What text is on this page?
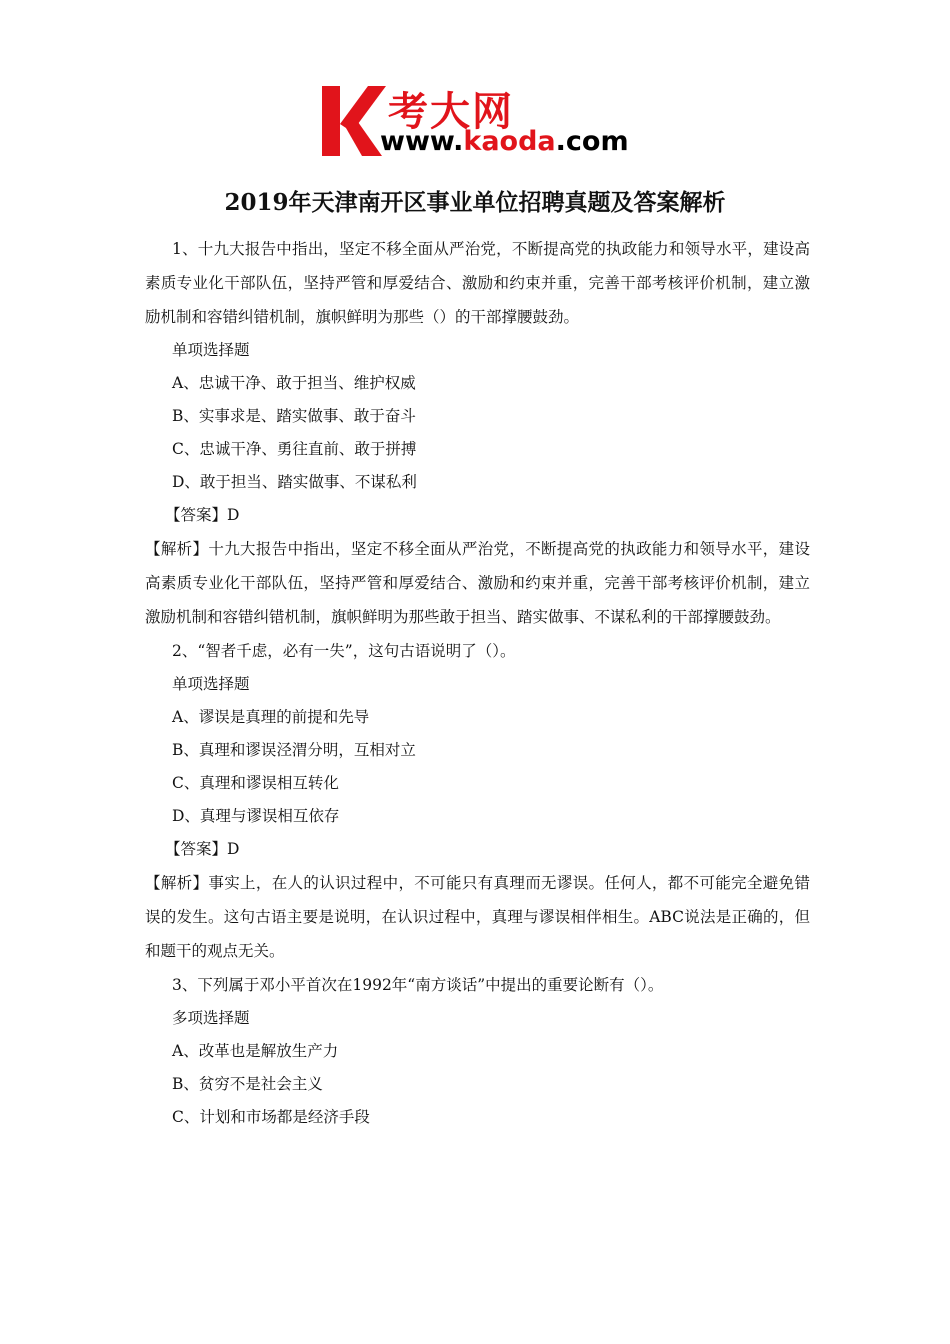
考大网
www.kaoda.com
2019年天津南开区事业单位招聘真题及答案解析

1、十九大报告中指出，坚定不移全面从严治党，不断提高党的执政能力和领导水平，建设高素质专业化干部队伍，坚持严管和厚爱结合、激励和约束并重，完善干部考核评价机制，建立激励机制和容错纠错机制，旗帜鲜明为那些（）的干部撑腰鼓劲。

单项选择题

A、忠诚干净、敢于担当、维护权威

B、实事求是、踏实做事、敢于奋斗

C、忠诚干净、勇往直前、敢于拼搏

D、敢于担当、踏实做事、不谋私利

【答案】D

【解析】十九大报告中指出，坚定不移全面从严治党，不断提高党的执政能力和领导水平，建设高素质专业化干部队伍，坚持严管和厚爱结合、激励和约束并重，完善干部考核评价机制，建立激励机制和容错纠错机制，旗帜鲜明为那些敢于担当、踏实做事、不谋私利的干部撑腰鼓劲。

2、“智者千虑，必有一失”，这句古语说明了（）。

单项选择题

A、谬误是真理的前提和先导

B、真理和谬误泾渭分明，互相对立

C、真理和谬误相互转化

D、真理与谬误相互依存

【答案】D

【解析】事实上，在人的认识过程中，不可能只有真理而无谬误。任何人，都不可能完全避免错误的发生。这句古语主要是说明，在认识过程中，真理与谬误相伴相生。ABC说法是正确的，但和题干的观点无关。

3、下列属于邓小平首次在1992年“南方谈话”中提出的重要论断有（）。

多项选择题

A、改革也是解放生产力

B、贫穷不是社会主义

C、计划和市场都是经济手段
